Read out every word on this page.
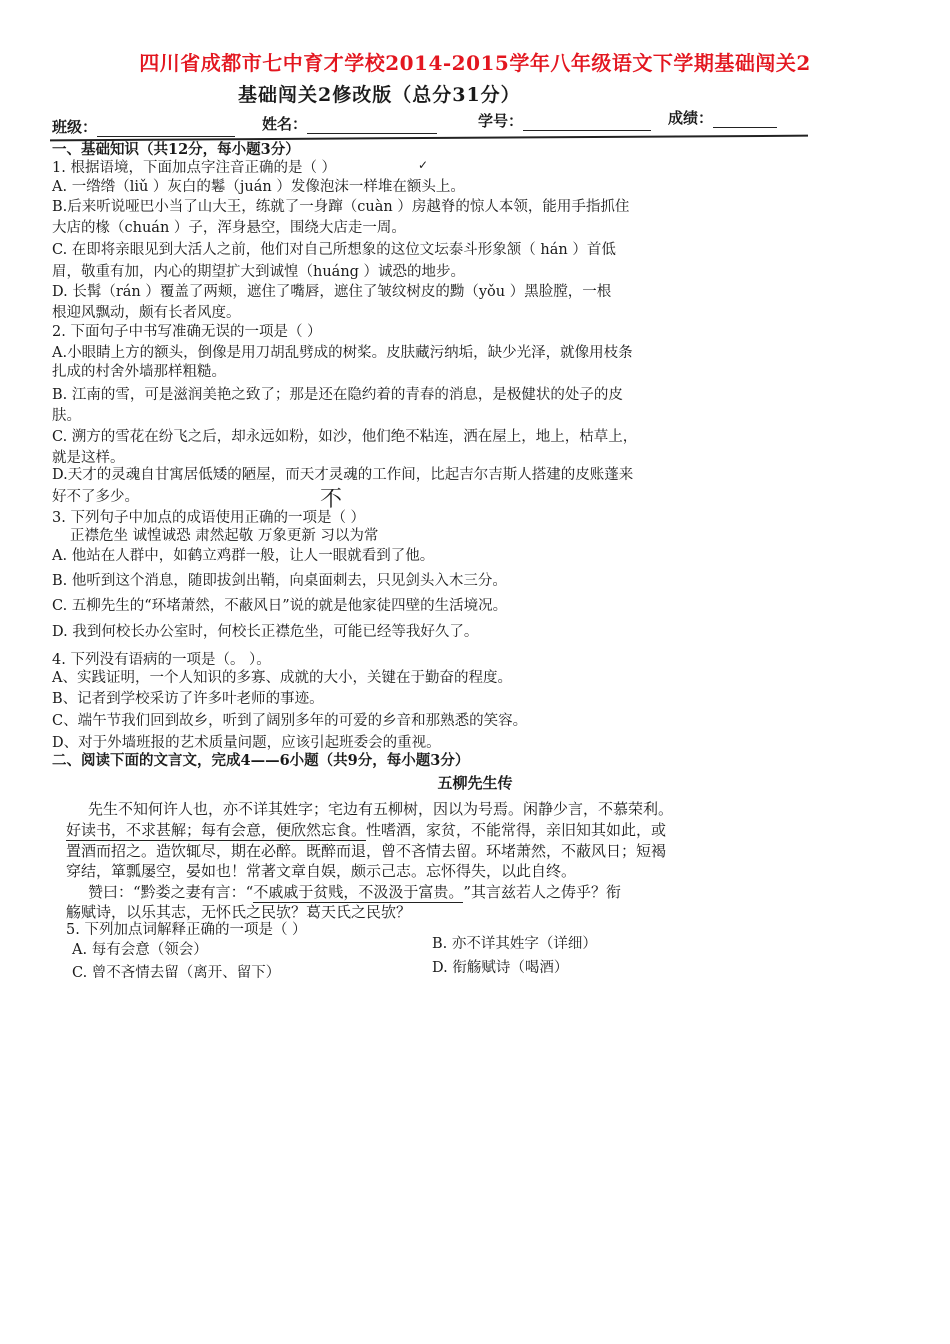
四川省成都市七中育才学校2014-2015学年八年级语文下学期基础闯关2
基础闯关2修改版（总分31分）
班级：	姓名：	学号：	成绩：
一、基础知识（共12分，每小题3分）
1. 根据语境，下面加点字注音正确的是（ ）	✓
A. 一绺绺（liǔ ）灰白的鬈（juán ）发像泡沫一样堆在额头上。
B.后来听说哑巴小当了山大王，练就了一身蹿（cuàn ）房越脊的惊人本领，能用手指抓住
大店的椽（chuán ）子，浑身悬空，围绕大店走一周。
C. 在即将亲眼见到大活人之前，他们对自己所想象的这位文坛泰斗形象颔（ hán ）首低
眉，敬重有加，内心的期望扩大到诚惶（huáng ）诚恐的地步。
D. 长髯（rán ）覆盖了两颊，遮住了嘴唇，遮住了皱纹树皮的黝（yǒu ）黑脸膛，一根
根迎风飘动，颇有长者风度。
2. 下面句子中书写准确无误的一项是（ ）
A.小眼睛上方的额头，倒像是用刀胡乱劈成的树桨。皮肤藏污纳垢，缺少光泽，就像用枝条
扎成的村舍外墙那样粗糙。
B. 江南的雪，可是滋润美艳之致了；那是还在隐约着的青春的消息，是极健状的处子的皮
肤。
C. 溯方的雪花在纷飞之后，却永远如粉，如沙，他们绝不粘连，洒在屋上，地上，枯草上，
就是这样。
D.天才的灵魂自甘寓居低矮的陋屋，而天才灵魂的工作间，比起吉尔吉斯人搭建的皮账蓬来
好不了多少。	不
3. 下列句子中加点的成语使用正确的一项是（ ）
正襟危坐 诚惶诚恐 肃然起敬 万象更新 习以为常
A. 他站在人群中，如鹤立鸡群一般，让人一眼就看到了他。
B. 他听到这个消息，随即拔剑出鞘，向桌面刺去，只见剑头入木三分。
C. 五柳先生的“环堵萧然，不蔽风日”说的就是他家徒四壁的生活境况。
D. 我到何校长办公室时，何校长正襟危坐，可能已经等我好久了。
4. 下列没有语病的一项是（。 ）。
A、实践证明，一个人知识的多寡、成就的大小，关键在于勤奋的程度。
B、记者到学校采访了许多叶老师的事迹。
C、端午节我们回到故乡，听到了阔别多年的可爱的乡音和那熟悉的笑容。
D、对于外墙班报的艺术质量问题，应该引起班委会的重视。
二、阅读下面的文言文，完成4——6小题（共9分，每小题3分）
五柳先生传
先生不知何许人也，亦不详其姓字；宅边有五柳树，因以为号焉。闲静少言，不慕荣利。
好读书，不求甚解；每有会意，便欣然忘食。性嗜酒，家贫，不能常得，亲旧知其如此，或
置酒而招之。造饮辄尽，期在必醉。既醉而退，曾不吝情去留。环堵萧然，不蔽风日；短褐
穿结，箪瓢屡空，晏如也！常著文章自娱，颇示己志。忘怀得失，以此自终。
赞曰：“黔娄之妻有言：“不戚戚于贫贱，不汲汲于富贵。”其言兹若人之俦乎？衔
觞赋诗，以乐其志，无怀氏之民欤？葛天氏之民欤？
5. 下列加点词解释正确的一项是（ ）
A. 每有会意（领会）	B. 亦不详其姓字（详细）
C. 曾不吝情去留（离开、留下）	D. 衔觞赋诗（喝酒）
